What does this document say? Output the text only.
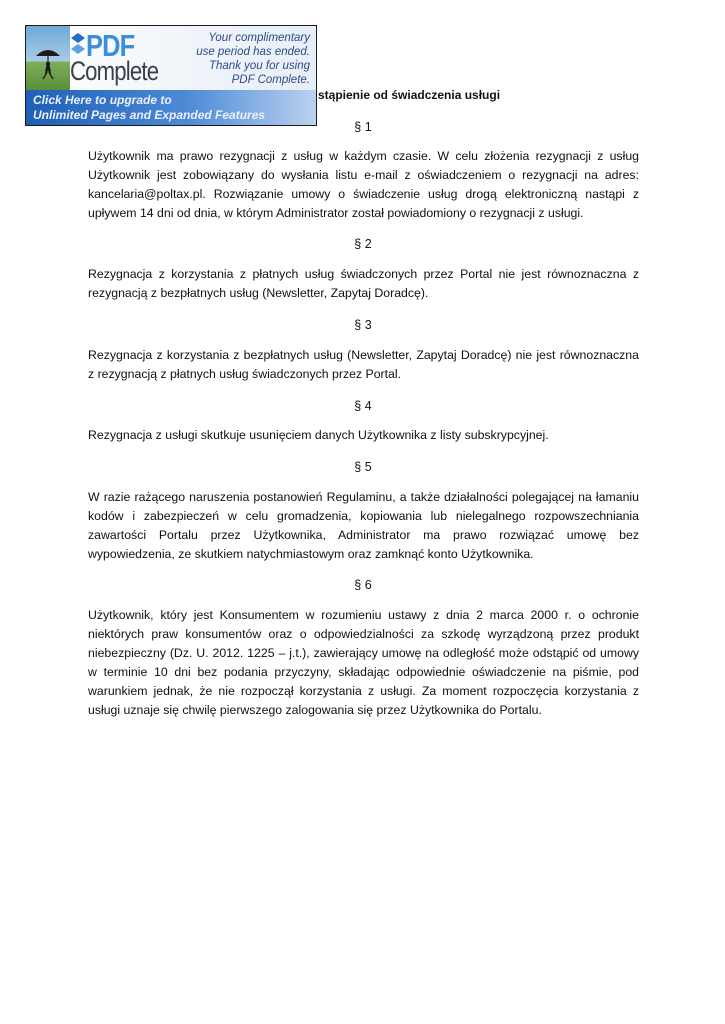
stąpienie od świadczenia usługi
§ 1
Użytkownik ma prawo rezygnacji z usług w każdym czasie. W celu złożenia rezygnacji z usług Użytkownik jest zobowiązany do wysłania listu e-mail z oświadczeniem o rezygnacji na adres: kancelaria@poltax.pl. Rozwiązanie umowy o świadczenie usług drogą elektroniczną nastąpi z upływem 14 dni od dnia, w którym Administrator został powiadomiony o rezygnacji z usługi.
§ 2
Rezygnacja z korzystania z płatnych usług świadczonych przez Portal nie jest równoznaczna z rezygnacją z bezpłatnych usług (Newsletter, Zapytaj Doradcę).
§ 3
Rezygnacja z korzystania z bezpłatnych usług (Newsletter, Zapytaj Doradcę) nie jest równoznaczna z rezygnacją z płatnych usług świadczonych przez Portal.
§ 4
Rezygnacja z usługi skutkuje usunięciem danych Użytkownika z listy subskrypcyjnej.
§ 5
W razie rażącego naruszenia postanowień Regulaminu, a także działalności polegającej na łamaniu kodów i zabezpieczeń w celu gromadzenia, kopiowania lub nielegalnego rozpowszechniania zawartości Portalu przez Użytkownika, Administrator ma prawo rozwiązać umowę bez wypowiedzenia, ze skutkiem natychmiastowym oraz zamknąć konto Użytkownika.
§ 6
Użytkownik, który jest Konsumentem w rozumieniu ustawy z dnia 2 marca 2000 r. o ochronie niektórych praw konsumentów oraz o odpowiedzialności za szkodę wyrządzoną przez produkt niebezpieczny (Dz. U. 2012. 1225 – j.t.), zawierający umowę na odległość może odstąpić od umowy w terminie 10 dni bez podania przyczyny, składając odpowiednie oświadczenie na piśmie, pod warunkiem jednak, że nie rozpoczął korzystania z usługi. Za moment rozpoczęcia korzystania z usługi uznaje się chwilę pierwszego zalogowania się przez Użytkownika do Portalu.
PDF
Complete
Your complimentary
use period has ended.
Thank you for using
PDF Complete.
Click Here to upgrade to
Unlimited Pages and Expanded Features
